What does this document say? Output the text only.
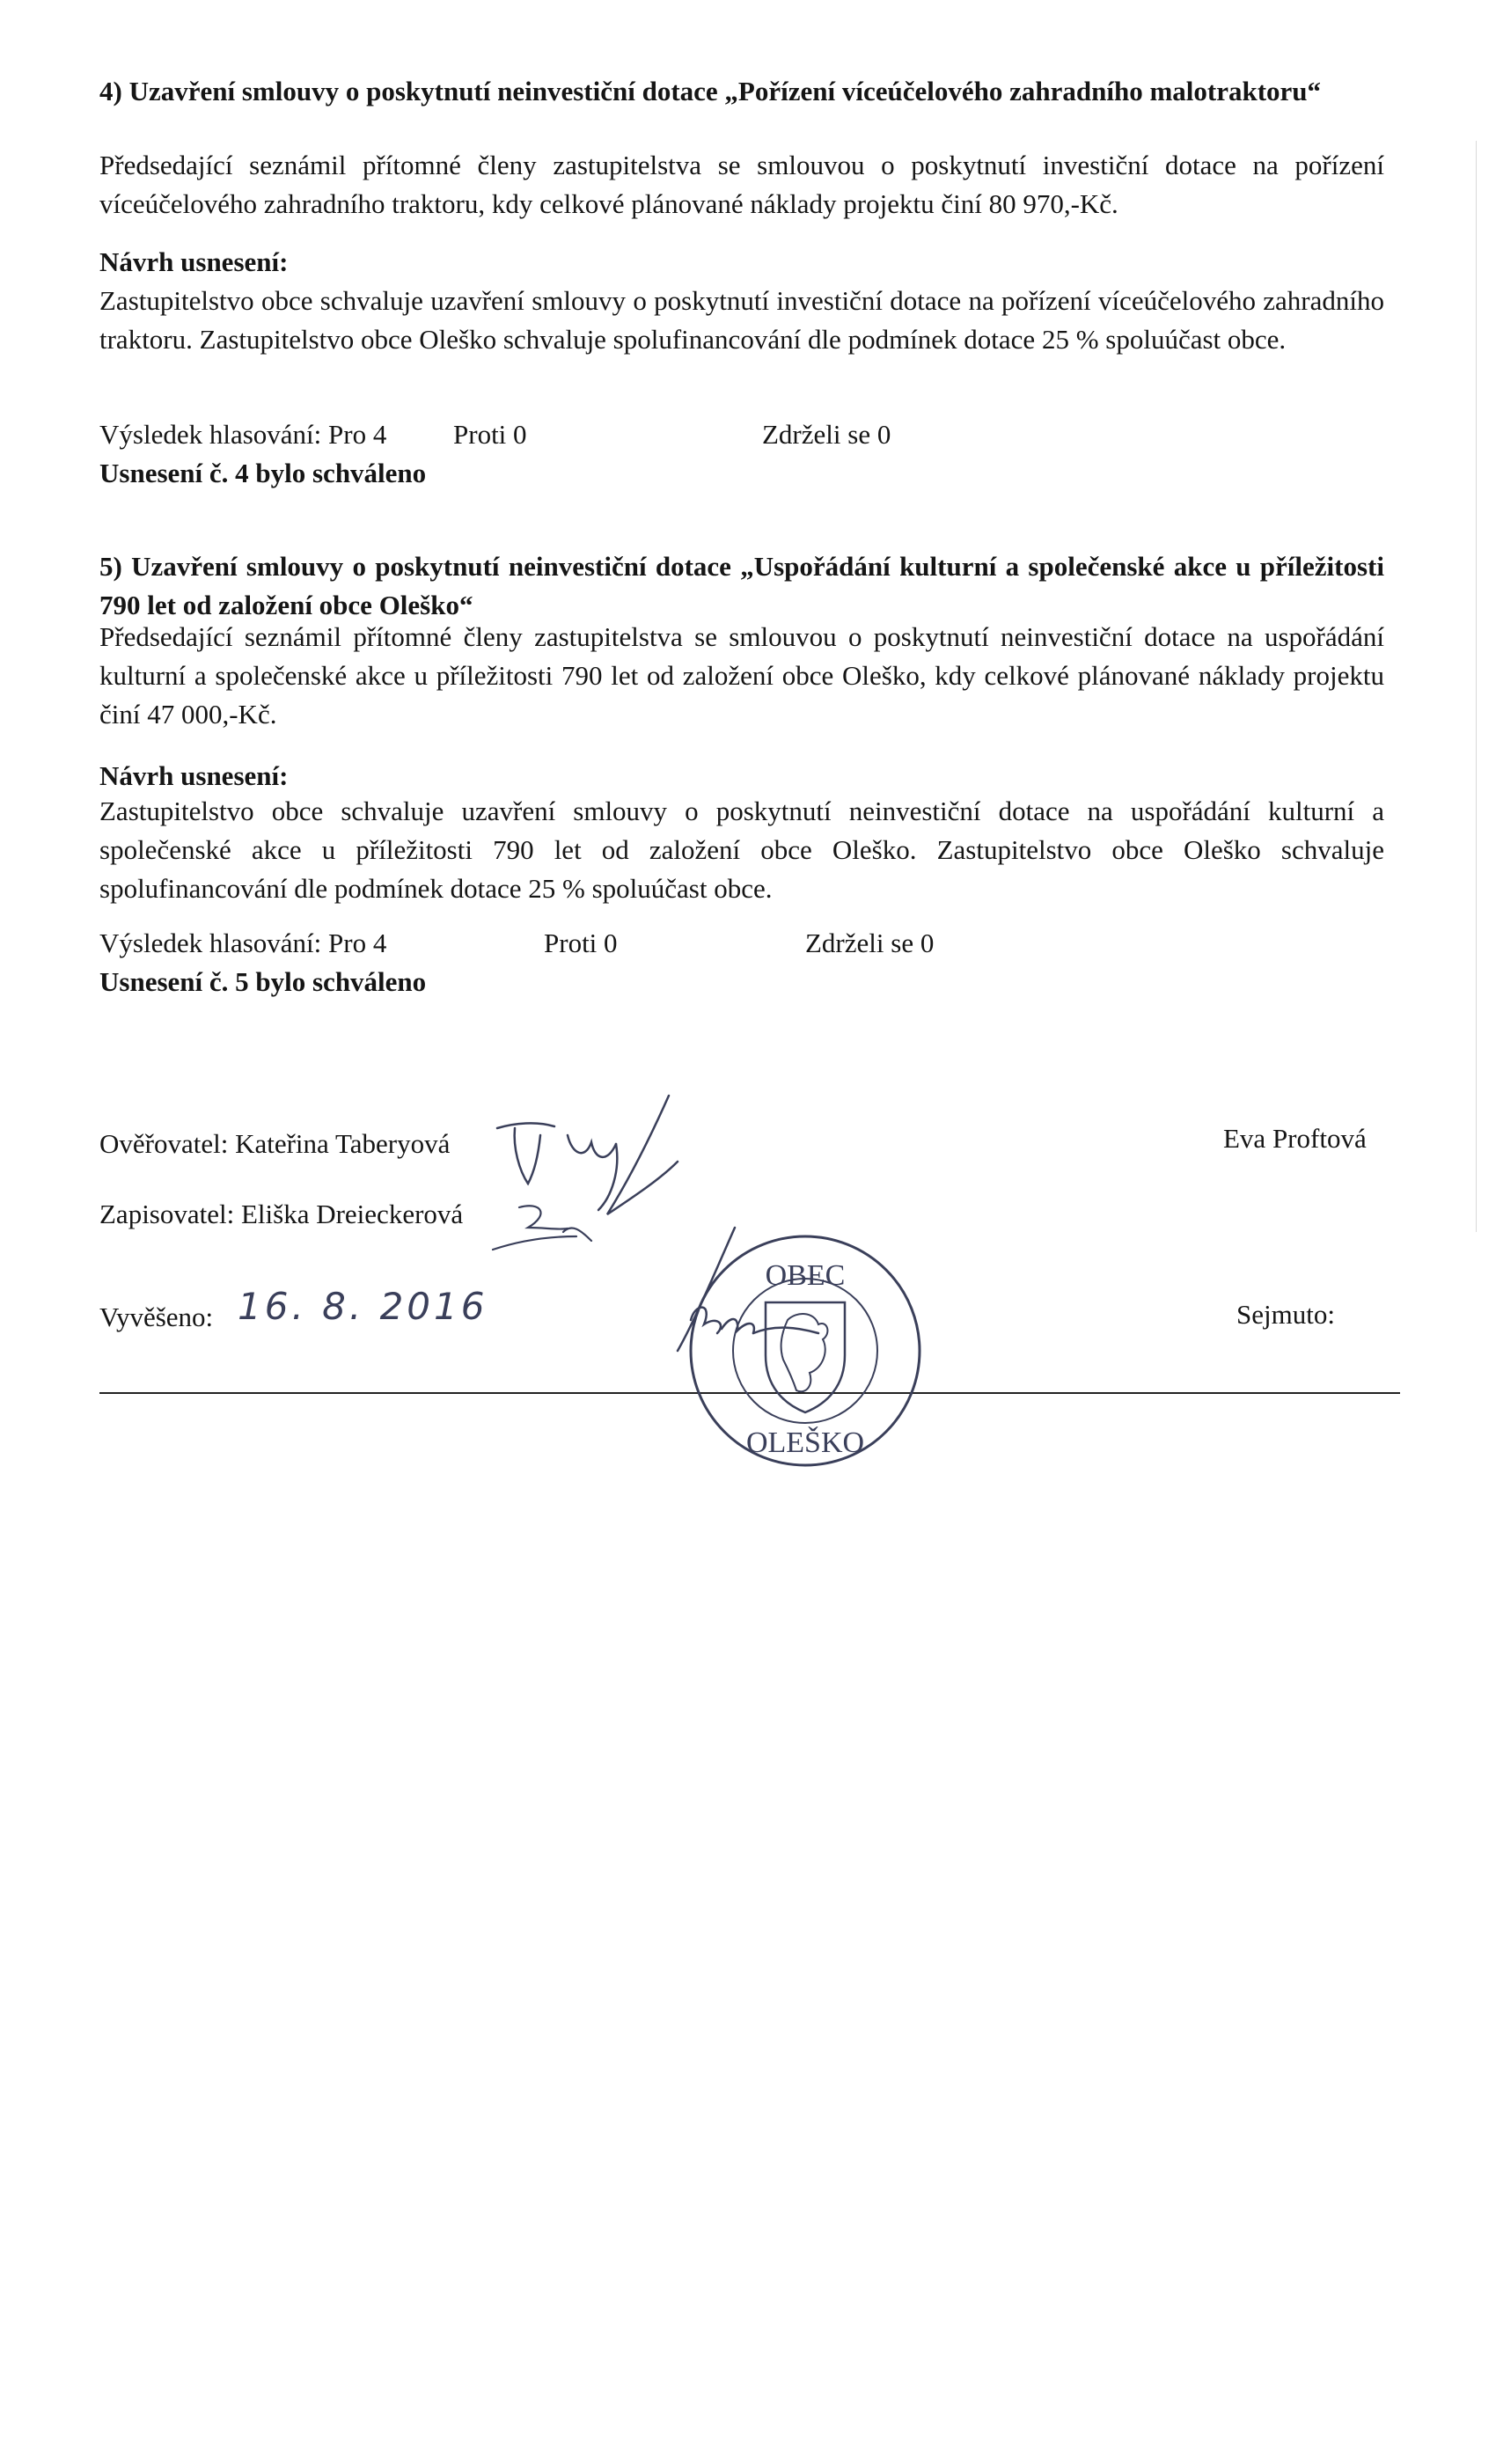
4) Uzavření smlouvy o poskytnutí neinvestiční dotace „Pořízení víceúčelového zahradního malotraktoru“
Předsedající seznámil přítomné členy zastupitelstva se smlouvou o poskytnutí investiční dotace na pořízení víceúčelového zahradního traktoru, kdy celkové plánované náklady projektu činí 80 970,-Kč.
Návrh usnesení:
Zastupitelstvo obce schvaluje uzavření smlouvy o poskytnutí investiční dotace na pořízení víceúčelového zahradního traktoru. Zastupitelstvo obce Oleško schvaluje spolufinancování dle podmínek dotace 25 % spoluúčast obce.
Výsledek hlasování: Pro 4 Proti 0	Zdrželi se 0
Usnesení č. 4 bylo schváleno
5) Uzavření smlouvy o poskytnutí neinvestiční dotace „Uspořádání kulturní a společenské akce u příležitosti 790 let od založení obce Oleško“
Předsedající seznámil přítomné členy zastupitelstva se smlouvou o poskytnutí neinvestiční dotace na uspořádání kulturní a společenské akce u příležitosti 790 let od založení obce Oleško, kdy celkové plánované náklady projektu činí 47 000,-Kč.
Návrh usnesení:
Zastupitelstvo obce schvaluje uzavření smlouvy o poskytnutí neinvestiční dotace na uspořádání kulturní a společenské akce u příležitosti 790 let od založení obce Oleško. Zastupitelstvo obce Oleško schvaluje spolufinancování dle podmínek dotace 25 % spoluúčast obce.
Výsledek hlasování: Pro 4	Proti 0	Zdrželi se 0
Usnesení č. 5 bylo schváleno
Ověřovatel: Kateřina Taberyová
Zapisovatel: Eliška Dreieckerová
Eva Proftová
Vyvěšeno: 16. 8. 2016	Sejmuto:
OBEC
OLEŠKO
